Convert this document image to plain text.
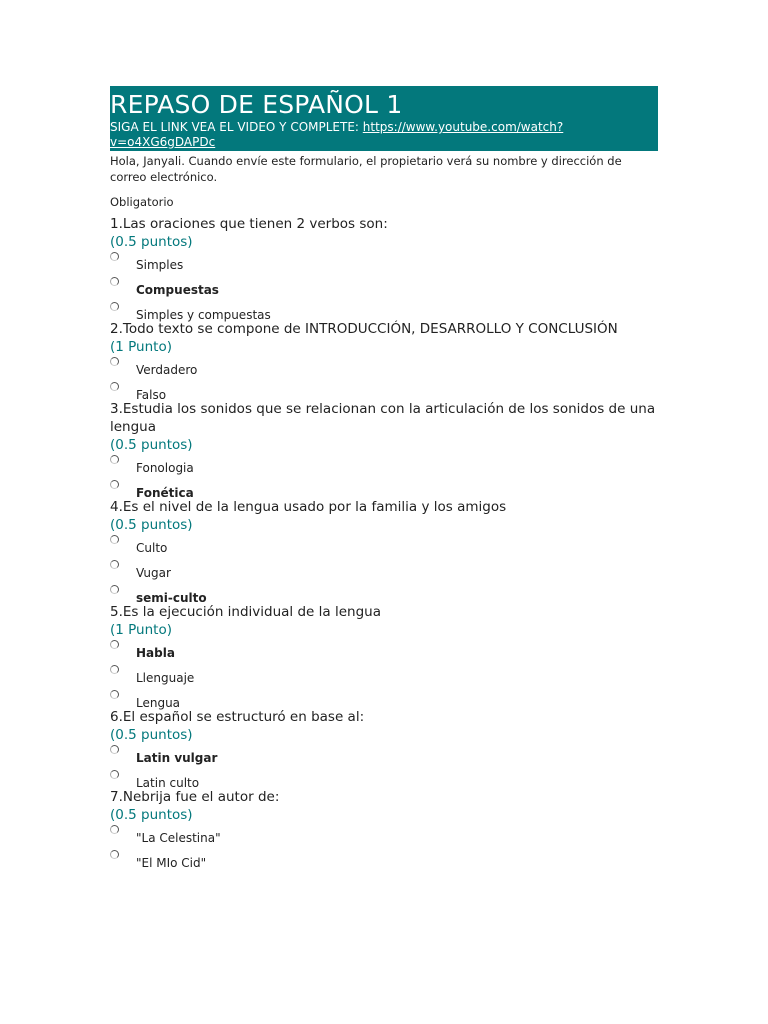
REPASO DE ESPAÑOL 1
SIGA EL LINK VEA EL VIDEO Y COMPLETE: https://www.youtube.com/watch?
v=o4XG6gDAPDc
Hola, Janyali. Cuando envíe este formulario, el propietario verá su nombre y dirección de correo electrónico.
Obligatorio
1.Las oraciones que tienen 2 verbos son:
(0.5 puntos)
Simples
Compuestas
Simples y compuestas
2.Todo texto se compone de INTRODUCCIÓN, DESARROLLO Y CONCLUSIÓN
(1 Punto)
Verdadero
Falso
3.Estudia los sonidos que se relacionan con la articulación de los sonidos de una lengua
(0.5 puntos)
Fonologia
Fonética
4.Es el nivel de la lengua usado por la familia y los amigos
(0.5 puntos)
Culto
Vugar
semi-culto
5.Es la ejecución individual de la lengua
(1 Punto)
Habla
Llenguaje
Lengua
6.El español se estructuró en base al:
(0.5 puntos)
Latin vulgar
Latin culto
7.Nebrija fue el autor de:
(0.5 puntos)
"La Celestina"
"El MIo Cid"
